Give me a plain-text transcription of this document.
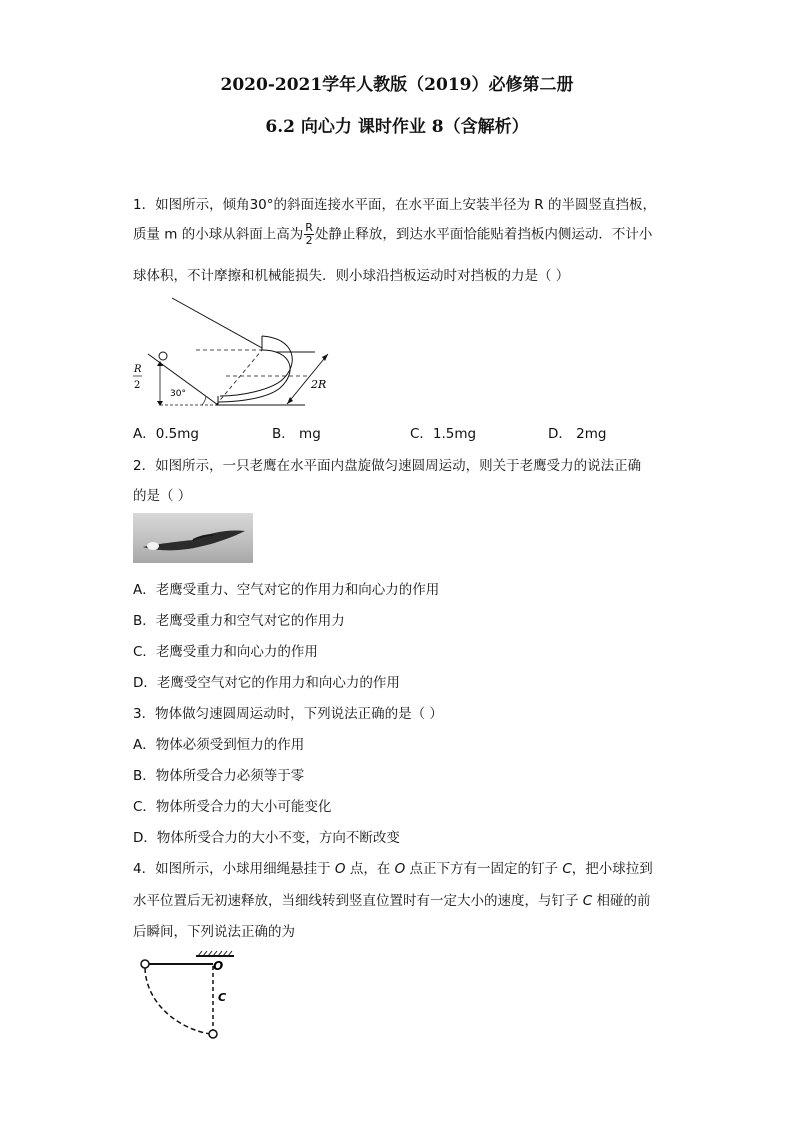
2020-2021学年人教版（2019）必修第二册
6.2 向心力 课时作业 8（含解析）
1．如图所示，倾角30°的斜面连接水平面，在水平面上安装半径为 R 的半圆竖直挡板，
质量 m 的小球从斜面上高为 $\frac{R}{2}$ 处静止释放，到达水平面恰能贴着挡板内侧运动．不计小
球体积，不计摩擦和机械能损失．则小球沿挡板运动时对挡板的力是（ ）
R
2
30°
2R
A．0.5mg	B． mg	C．1.5mg	D． 2mg
2．如图所示，一只老鹰在水平面内盘旋做匀速圆周运动，则关于老鹰受力的说法正确
的是（ ）
A．老鹰受重力、空气对它的作用力和向心力的作用
B．老鹰受重力和空气对它的作用力
C．老鹰受重力和向心力的作用
D．老鹰受空气对它的作用力和向心力的作用
3．物体做匀速圆周运动时，下列说法正确的是（ ）
A．物体必须受到恒力的作用
B．物体所受合力必须等于零
C．物体所受合力的大小可能变化
D．物体所受合力的大小不变，方向不断改变
4．如图所示，小球用细绳悬挂于 O 点，在 O 点正下方有一固定的钉子 C，把小球拉到
水平位置后无初速释放，当细线转到竖直位置时有一定大小的速度，与钉子 C 相碰的前
后瞬间，下列说法正确的为
O
C
